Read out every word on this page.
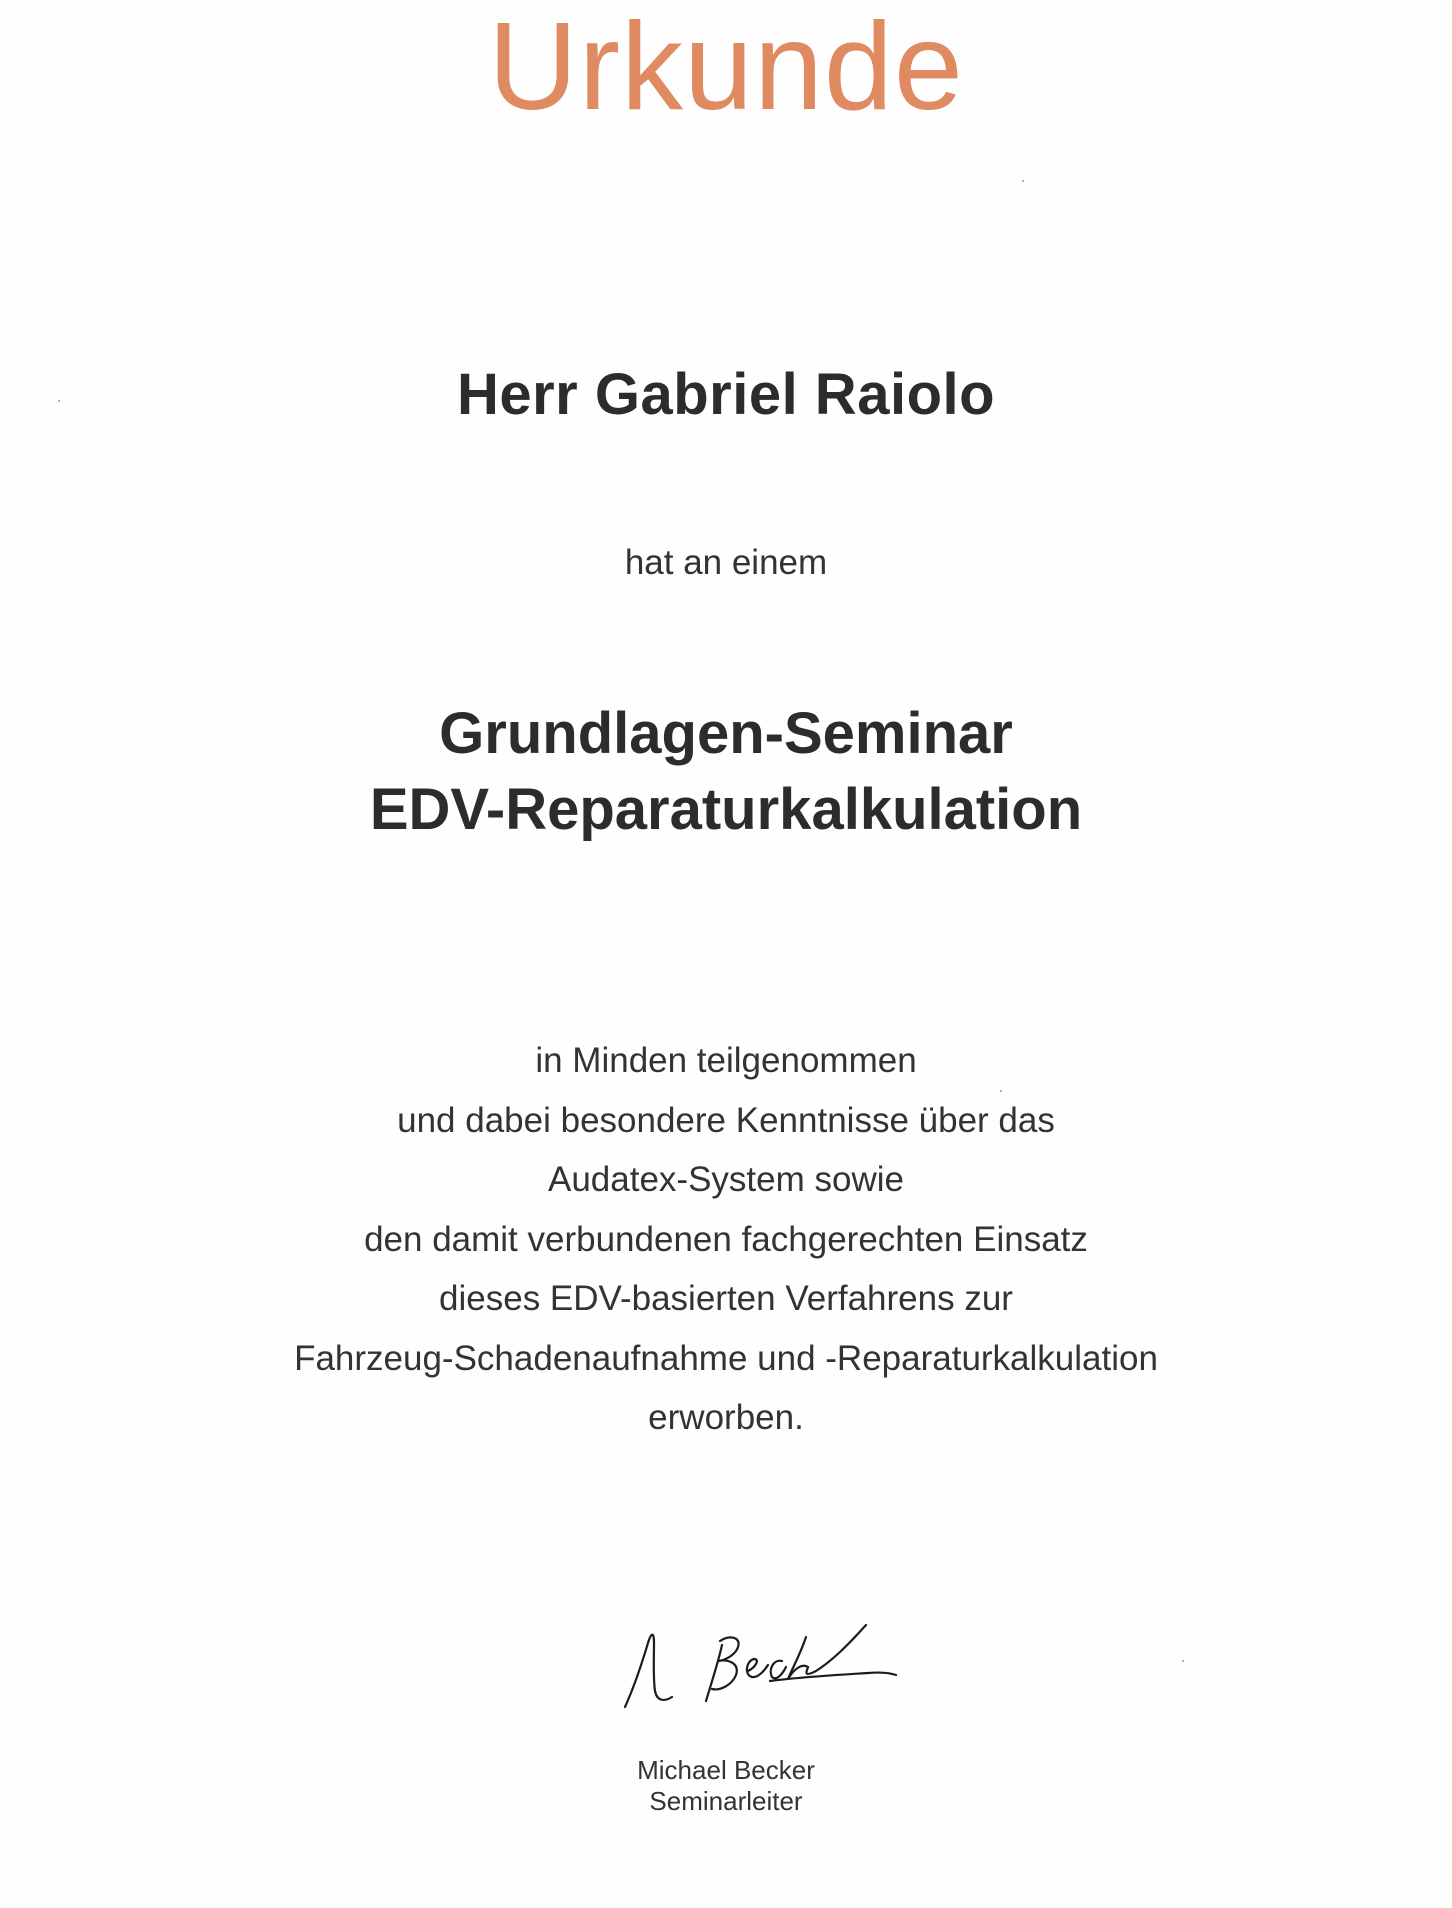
Urkunde
Herr Gabriel Raiolo
hat an einem
Grundlagen-Seminar
EDV-Reparaturkalkulation
in Minden teilgenommen
und dabei besondere Kenntnisse über das
Audatex-System sowie
den damit verbundenen fachgerechten Einsatz
dieses EDV-basierten Verfahrens zur
Fahrzeug-Schadenaufnahme und -Reparaturkalkulation
erworben.
Michael Becker
Seminarleiter
